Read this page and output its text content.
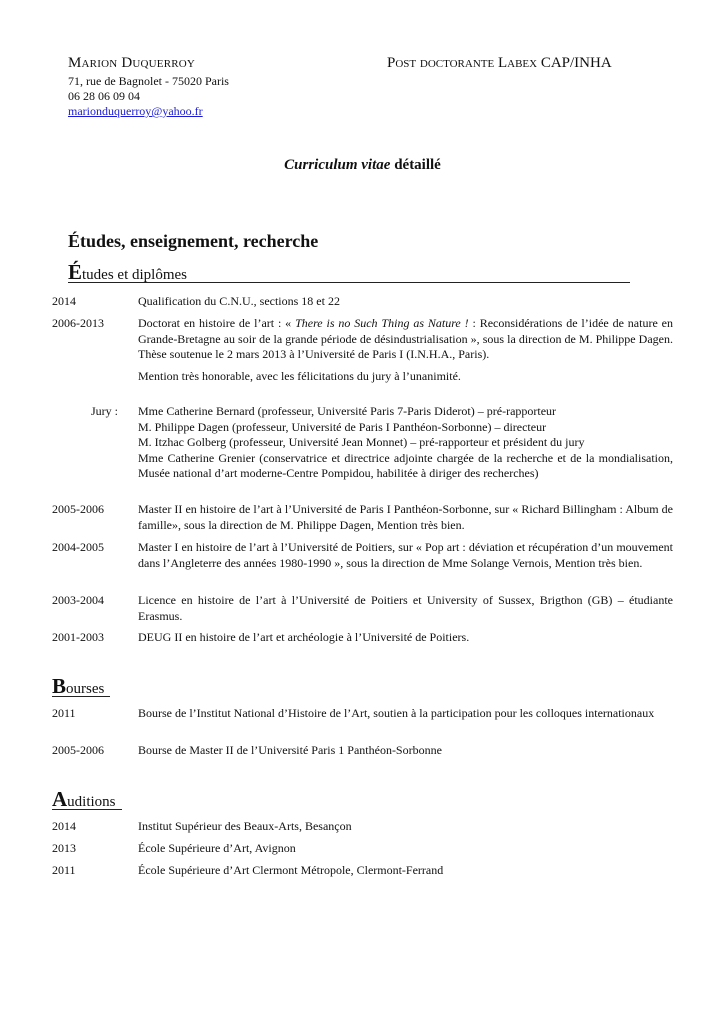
Marion Duquerroy	Post doctorante Labex CAP/INHA
71, rue de Bagnolet - 75020 Paris
06 28 06 09 04
marionduquerroy@yahoo.fr
Curriculum vitae détaillé
Études, enseignement, recherche
Études et diplômes
2014	Qualification du C.N.U., sections 18 et 22
2006-2013	Doctorat en histoire de l’art : « There is no Such Thing as Nature ! : Reconsidérations de l’idée de nature en Grande-Bretagne au soir de la grande période de désindustrialisation », sous la direction de M. Philippe Dagen. Thèse soutenue le 2 mars 2013 à l’Université de Paris I (I.N.H.A., Paris).

Mention très honorable, avec les félicitations du jury à l’unanimité.

Jury : Mme Catherine Bernard (professeur, Université Paris 7-Paris Diderot) – pré-rapporteur
M. Philippe Dagen (professeur, Université de Paris I Panthéon-Sorbonne) – directeur
M. Itzhac Golberg (professeur, Université Jean Monnet) – pré-rapporteur et président du jury
Mme Catherine Grenier (conservatrice et directrice adjointe chargée de la recherche et de la mondialisation, Musée national d’art moderne-Centre Pompidou, habilitée à diriger des recherches)
2005-2006	Master II en histoire de l’art à l’Université de Paris I Panthéon-Sorbonne, sur « Richard Billingham : Album de famille», sous la direction de M. Philippe Dagen, Mention très bien.
2004-2005	Master I en histoire de l’art à l’Université de Poitiers, sur « Pop art : déviation et récupération d’un mouvement dans l’Angleterre des années 1980-1990 », sous la direction de Mme Solange Vernois, Mention très bien.
2003-2004	Licence en histoire de l’art à l’Université de Poitiers et University of Sussex, Brigthon (GB) – étudiante Erasmus.
2001-2003	DEUG II en histoire de l’art et archéologie à l’Université de Poitiers.
Bourses
2011	Bourse de l’Institut National d’Histoire de l’Art, soutien à la participation pour les colloques internationaux
2005-2006	Bourse de Master II de l’Université Paris 1 Panthéon-Sorbonne
Auditions
2014	Institut Supérieur des Beaux-Arts, Besançon
2013	École Supérieure d’Art, Avignon
2011	École Supérieure d’Art Clermont Métropole, Clermont-Ferrand
